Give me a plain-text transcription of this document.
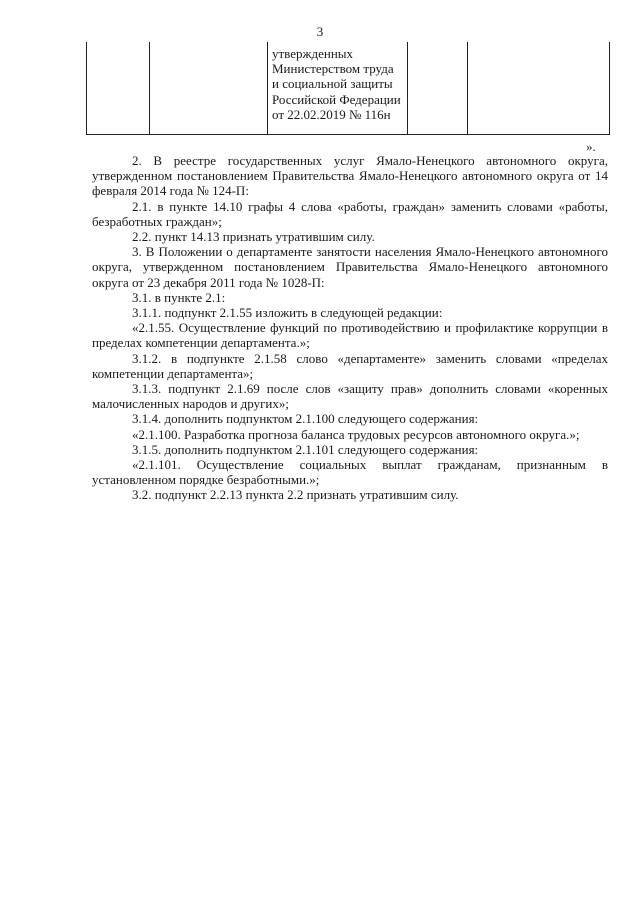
3

утвержденных Министерством труда и социальной защиты Российской Федерации от 22.02.2019 № 116н

».

2. В реестре государственных услуг Ямало-Ненецкого автономного округа, утвержденном постановлением Правительства Ямало-Ненецкого автономного округа от 14 февраля 2014 года № 124-П:

2.1. в пункте 14.10 графы 4 слова «работы, граждан» заменить словами «работы, безработных граждан»;

2.2. пункт 14.13 признать утратившим силу.

3. В Положении о департаменте занятости населения Ямало-Ненецкого автономного округа, утвержденном постановлением Правительства Ямало-Ненецкого автономного округа от 23 декабря 2011 года № 1028-П:

3.1. в пункте 2.1:

3.1.1. подпункт 2.1.55 изложить в следующей редакции:

«2.1.55. Осуществление функций по противодействию и профилактике коррупции в пределах компетенции департамента.»;

3.1.2. в подпункте 2.1.58 слово «департаменте» заменить словами «пределах компетенции департамента»;

3.1.3. подпункт 2.1.69 после слов «защиту прав» дополнить словами «коренных малочисленных народов и других»;

3.1.4. дополнить подпунктом 2.1.100 следующего содержания:

«2.1.100. Разработка прогноза баланса трудовых ресурсов автономного округа.»;

3.1.5. дополнить подпунктом 2.1.101 следующего содержания:

«2.1.101. Осуществление социальных выплат гражданам, признанным в установленном порядке безработными.»;

3.2. подпункт 2.2.13 пункта 2.2 признать утратившим силу.
